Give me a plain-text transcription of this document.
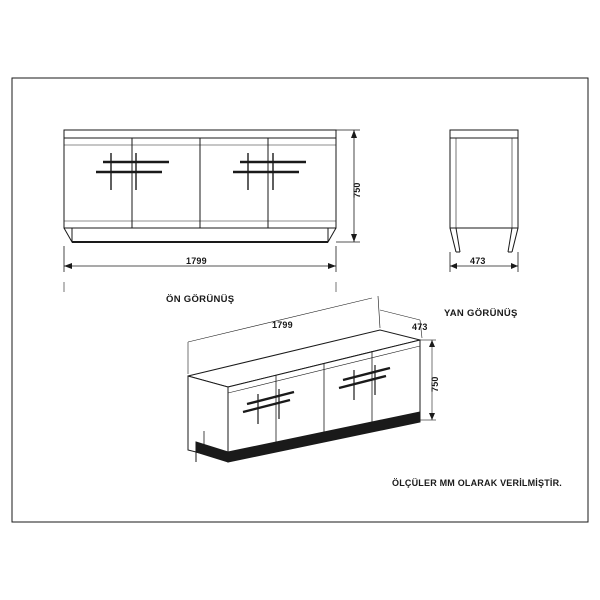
1799
750
ÖN GÖRÜNÜŞ
473
YAN GÖRÜNÜŞ
1799	473
750
ÖLÇÜLER MM OLARAK VERİLMİŞTİR.
